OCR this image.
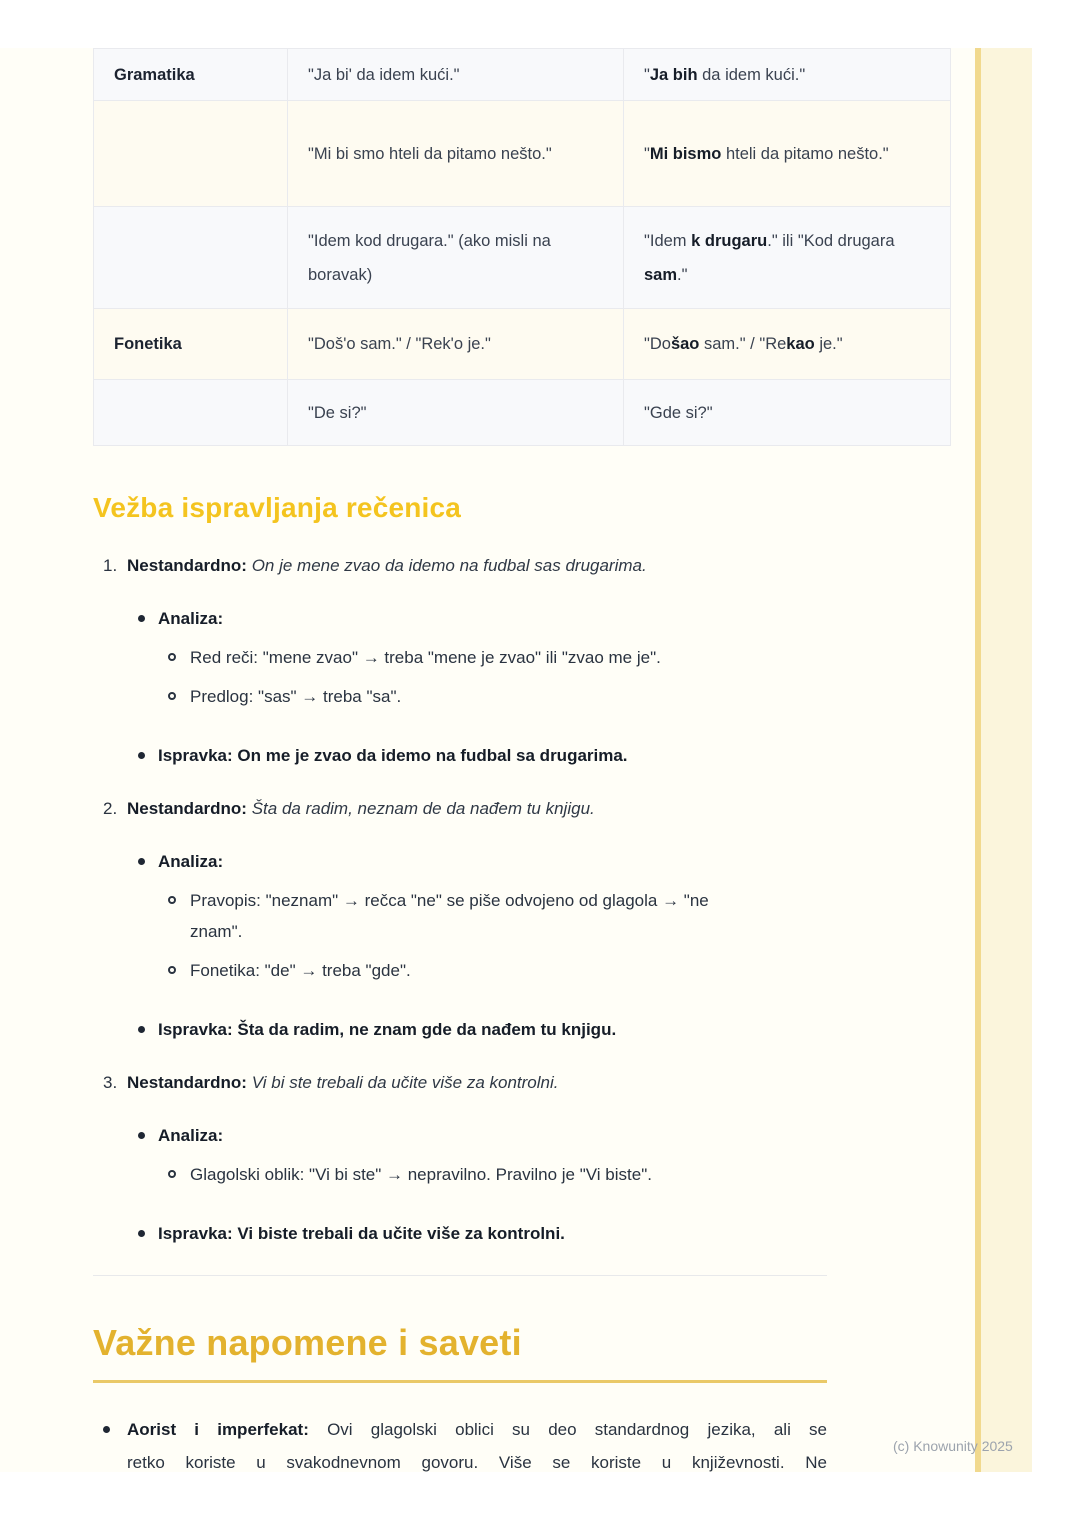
Gramatika	"Ja bi' da idem kući."	"Ja bih da idem kući."
	"Mi bi smo hteli da pitamo nešto."	"Mi bismo hteli da pitamo nešto."
	"Idem kod drugara." (ako misli na boravak)	"Idem k drugaru." ili "Kod drugara sam."
Fonetika	"Doš'o sam." / "Rek'o je."	"Došao sam." / "Rekao je."
	"De si?"	"Gde si?"
Vežba ispravljanja rečenica
1. Nestandardno: On je mene zvao da idemo na fudbal sas drugarima.
Analiza:
Red reči: "mene zvao" → treba "mene je zvao" ili "zvao me je".
Predlog: "sas" → treba "sa".
Ispravka: On me je zvao da idemo na fudbal sa drugarima.
2. Nestandardno: Šta da radim, neznam de da nađem tu knjigu.
Analiza:
Pravopis: "neznam" → rečca "ne" se piše odvojeno od glagola → "ne znam".
Fonetika: "de" → treba "gde".
Ispravka: Šta da radim, ne znam gde da nađem tu knjigu.
3. Nestandardno: Vi bi ste trebali da učite više za kontrolni.
Analiza:
Glagolski oblik: "Vi bi ste" → nepravilno. Pravilno je "Vi biste".
Ispravka: Vi biste trebali da učite više za kontrolni.
Važne napomene i saveti
Aorist i imperfekat: Ovi glagolski oblici su deo standardnog jezika, ali se
retko koriste u svakodnevnom govoru. Više se koriste u književnosti. Ne
(c) Knowunity 2025
